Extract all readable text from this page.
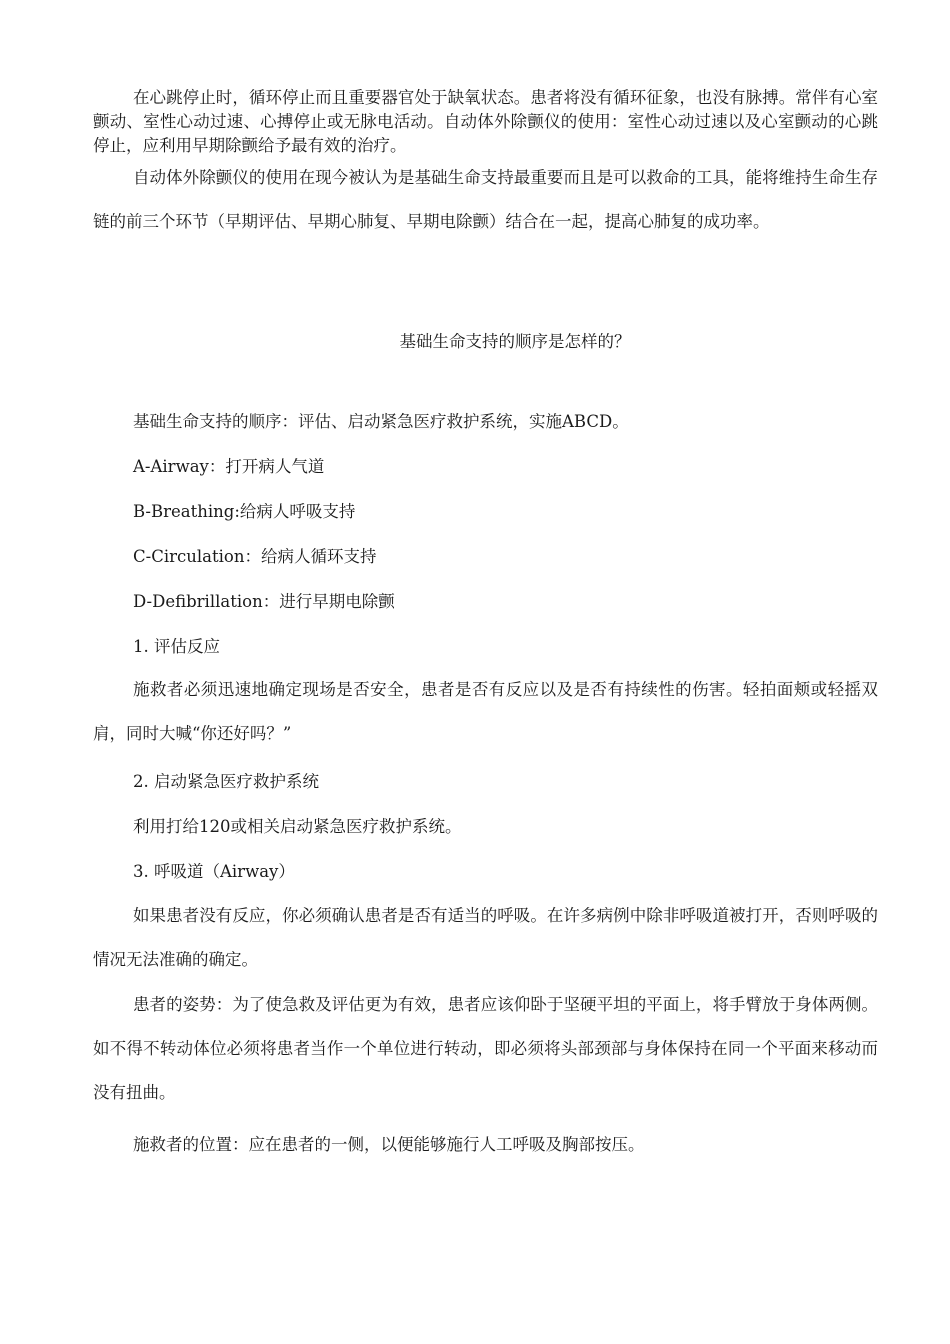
在心跳停止时，循环停止而且重要器官处于缺氧状态。患者将没有循环征象，也没有脉搏。常伴有心室颤动、室性心动过速、心搏停止或无脉电活动。自动体外除颤仪的使用：室性心动过速以及心室颤动的心跳停止，应利用早期除颤给予最有效的治疗。

自动体外除颤仪的使用在现今被认为是基础生命支持最重要而且是可以救命的工具，能将维持生命生存链的前三个环节（早期评估、早期心肺复、早期电除颤）结合在一起，提高心肺复的成功率。

基础生命支持的顺序是怎样的？

基础生命支持的顺序：评估、启动紧急医疗救护系统，实施ABCD。

A-Airway：打开病人气道

B-Breathing:给病人呼吸支持

C-Circulation：给病人循环支持

D-Defibrillation：进行早期电除颤

1. 评估反应

施救者必须迅速地确定现场是否安全，患者是否有反应以及是否有持续性的伤害。轻拍面颊或轻摇双肩，同时大喊“你还好吗？”

2. 启动紧急医疗救护系统

利用打给120或相关启动紧急医疗救护系统。

3. 呼吸道（Airway）

如果患者没有反应，你必须确认患者是否有适当的呼吸。在许多病例中除非呼吸道被打开，否则呼吸的情况无法准确的确定。

患者的姿势：为了使急救及评估更为有效，患者应该仰卧于坚硬平坦的平面上，将手臂放于身体两侧。如不得不转动体位必须将患者当作一个单位进行转动，即必须将头部颈部与身体保持在同一个平面来移动而没有扭曲。

施救者的位置：应在患者的一侧，以便能够施行人工呼吸及胸部按压。
